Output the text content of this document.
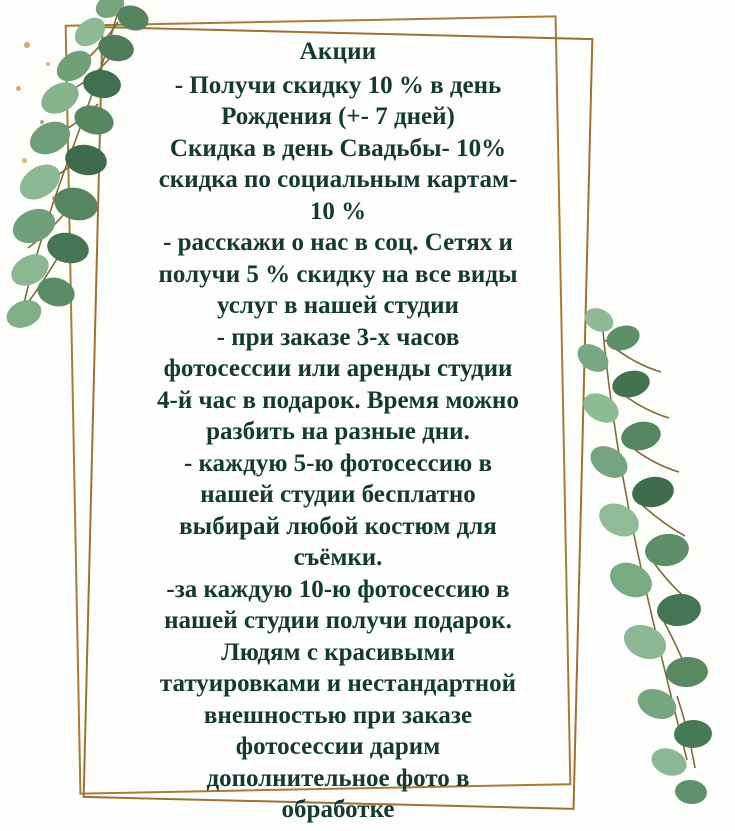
Акции
- Получи скидку 10 % в день
Рождения (+- 7 дней)
Скидка в день Свадьбы- 10%
скидка по социальным картам-
10 %
- расскажи о нас в соц. Сетях и
получи 5 % скидку на все виды
услуг в нашей студии
- при заказе 3-х часов
фотосессии или аренды студии
4-й час в подарок. Время можно
разбить на разные дни.
- каждую 5-ю фотосессию в
нашей студии бесплатно
выбирай любой костюм для
съёмки.
-за каждую 10-ю фотосессию в
нашей студии получи подарок.
Людям с красивыми
татуировками и нестандартной
внешностью при заказе
фотосессии дарим
дополнительное фото в
обработке
